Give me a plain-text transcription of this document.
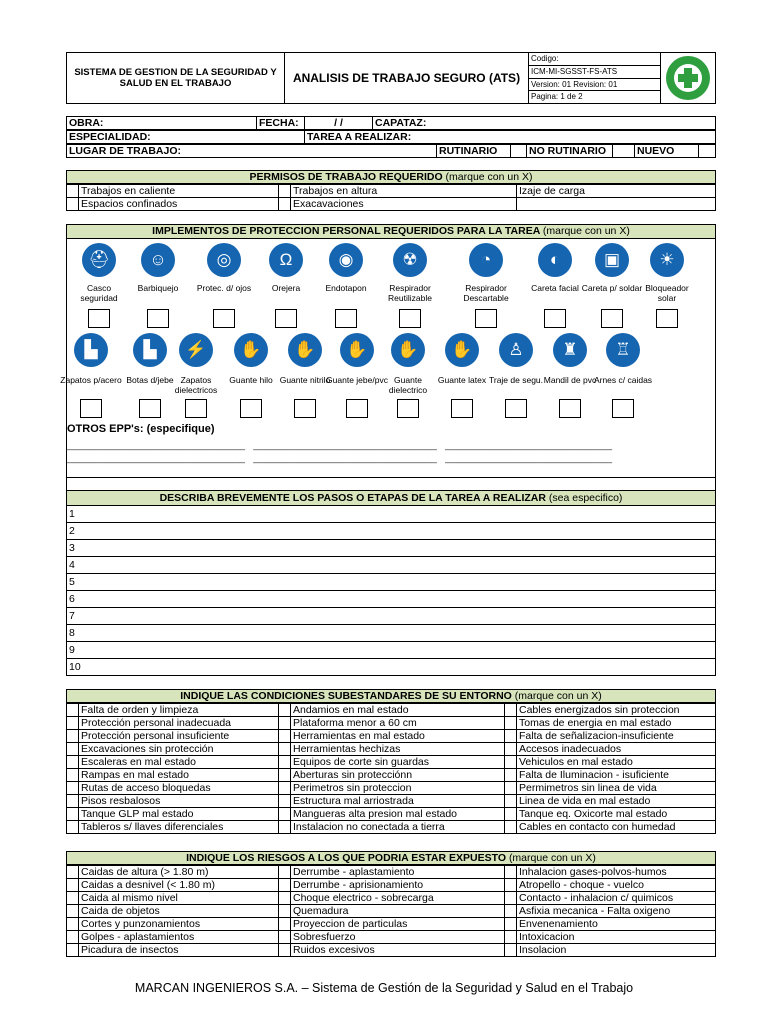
SISTEMA DE GESTION DE LA SEGURIDAD Y SALUD EN EL TRABAJO	ANALISIS DE TRABAJO SEGURO (ATS)
Codigo:
ICM-MI-SGSST-FS-ATS
Version: 01 Revision: 01
Pagina: 1 de 2
OBRA:	FECHA:	/ /	CAPATAZ:
ESPECIALIDAD:	TAREA A REALIZAR:
LUGAR DE TRABAJO:	RUTINARIO		NO RUTINARIO		NUEVO	
PERMISOS DE TRABAJO REQUERIDO (marque con un X)
	Trabajos en caliente		Trabajos en altura		Izaje de carga
	Espacios confinados		Exacavaciones		
IMPLEMENTOS DE PROTECCION PERSONAL REQUERIDOS PARA LA TAREA (marque con un X)
⛑
Casco seguridad
☺
Barbiquejo
◎
Protec. d/ ojos
Ω
Orejera
◉
Endotapon
☢
Respirador Reutilizable
◔
Respirador Descartable
◐
Careta facial
▣
Careta p/ soldar
☀
Bloqueador solar
▙
Zapatos p/acero
▙
Botas d/jebe
⚡
Zapatos dielectricos
✋
Guante hilo
✋
Guante nitrilo
✋
Guante jebe/pvc
✋
Guante dielectrico
✋
Guante latex
♙
Traje de segu.
♜
Mandil de pvc
♖
Arnes c/ caidas
OTROS EPP's: (especifique)
________________________________   _________________________________   ______________________________
________________________________   _________________________________   ______________________________
DESCRIBA BREVEMENTE LOS PASOS O ETAPAS DE LA TAREA A REALIZAR (sea especifico)
1
2
3
4
5
6
7
8
9
10
INDIQUE LAS CONDICIONES SUBESTANDARES DE SU ENTORNO (marque con un X)
	Falta de orden y limpieza		Andamios en mal estado		Cables energizados sin proteccion
	Protección personal inadecuada		Plataforma menor a 60 cm		Tomas de energia en mal estado
	Protección personal insuficiente		Herramientas en mal estado		Falta de señalizacion-insuficiente
	Excavaciones sin protección		Herramientas hechizas		Accesos inadecuados
	Escaleras en mal estado		Equipos de corte sin guardas		Vehiculos en mal estado
	Rampas en mal estado		Aberturas sin protecciónn		Falta de Iluminacion - isuficiente
	Rutas de acceso bloquedas		Perimetros sin proteccion		Permimetros sin linea de vida
	Pisos resbalosos		Estructura mal arriostrada		Linea de vida en mal estado
	Tanque GLP mal estado		Mangueras alta presion mal estado		Tanque eq. Oxicorte mal estado
	Tableros s/ llaves diferenciales		Instalacion no conectada a tierra		Cables en contacto con humedad
INDIQUE LOS RIESGOS A LOS QUE PODRIA ESTAR EXPUESTO (marque con un X)
	Caidas de altura (> 1.80 m)		Derrumbe - aplastamiento		Inhalacion gases-polvos-humos
	Caidas a desnivel (< 1.80 m)		Derrumbe - aprisionamiento		Atropello - choque - vuelco
	Caida al mismo nivel		Choque electrico - sobrecarga		Contacto - inhalacion c/ quimicos
	Caida de objetos		Quemadura		Asfixia mecanica - Falta oxigeno
	Cortes y punzonamientos		Proyeccion de particulas		Envenenamiento
	Golpes - aplastamientos		Sobresfuerzo		Intoxicacion
	Picadura de insectos		Ruidos excesivos		Insolacion
MARCAN INGENIEROS S.A. – Sistema de Gestión de la Seguridad y Salud en el Trabajo
